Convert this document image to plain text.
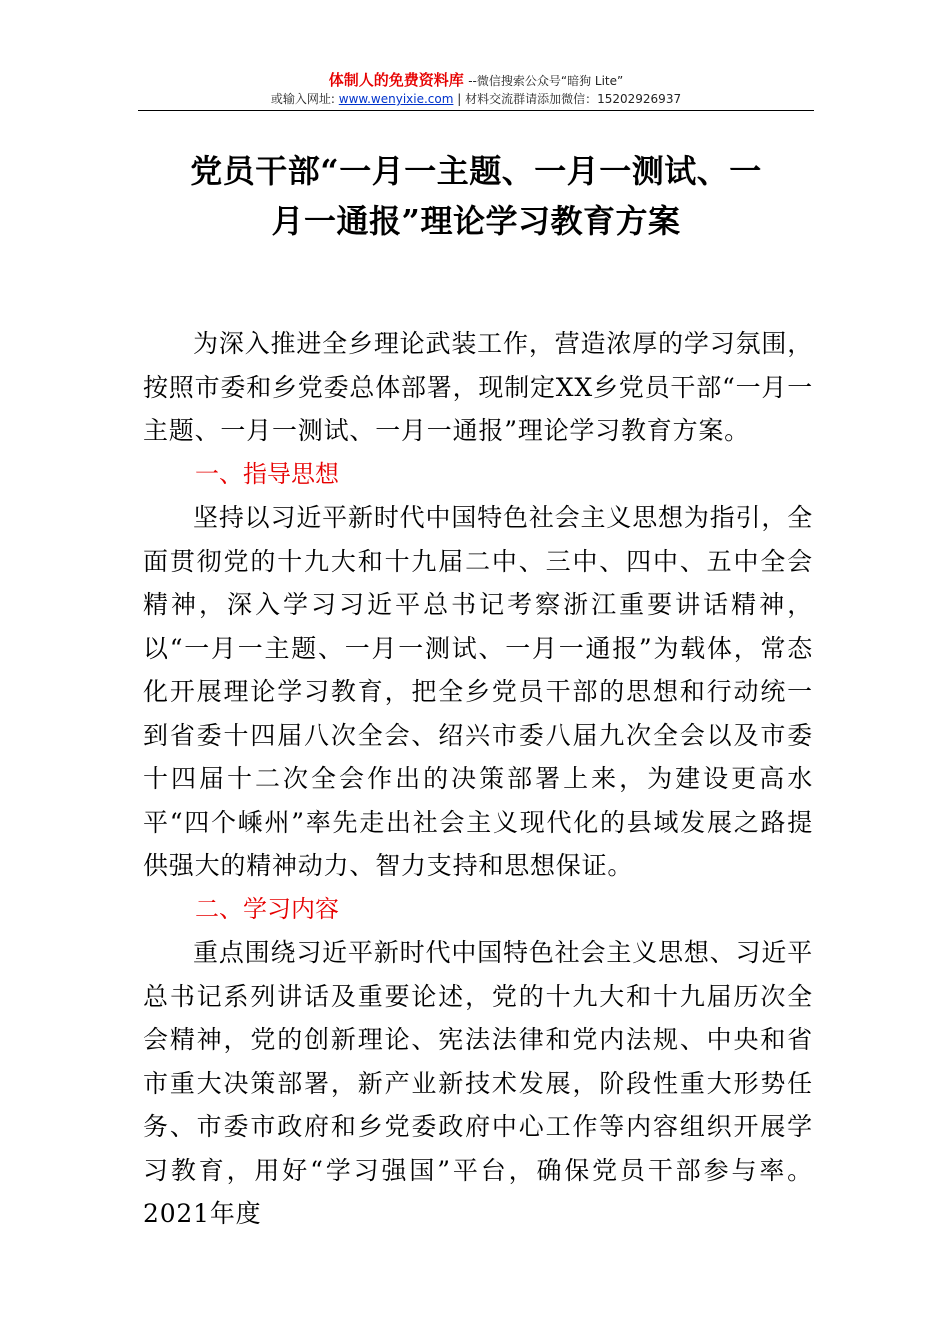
体制人的免费资料库 --微信搜索公众号“暗狗 Lite”
或输入网址: www.wenyixie.com | 材料交流群请添加微信：15202926937
党员干部“一月一主题、一月一测试、一
月一通报”理论学习教育方案

为深入推进全乡理论武装工作，营造浓厚的学习氛围，按照市委和乡党委总体部署，现制定XX乡党员干部“一月一主题、一月一测试、一月一通报”理论学习教育方案。

一、指导思想

坚持以习近平新时代中国特色社会主义思想为指引，全面贯彻党的十九大和十九届二中、三中、四中、五中全会精神，深入学习习近平总书记考察浙江重要讲话精神，以“一月一主题、一月一测试、一月一通报”为载体，常态化开展理论学习教育，把全乡党员干部的思想和行动统一到省委十四届八次全会、绍兴市委八届九次全会以及市委十四届十二次全会作出的决策部署上来，为建设更高水平“四个嵊州”率先走出社会主义现代化的县域发展之路提供强大的精神动力、智力支持和思想保证。

二、学习内容

重点围绕习近平新时代中国特色社会主义思想、习近平总书记系列讲话及重要论述，党的十九大和十九届历次全会精神，党的创新理论、宪法法律和党内法规、中央和省市重大决策部署，新产业新技术发展，阶段性重大形势任务、市委市政府和乡党委政府中心工作等内容组织开展学习教育，用好“学习强国”平台，确保党员干部参与率。2021年度
